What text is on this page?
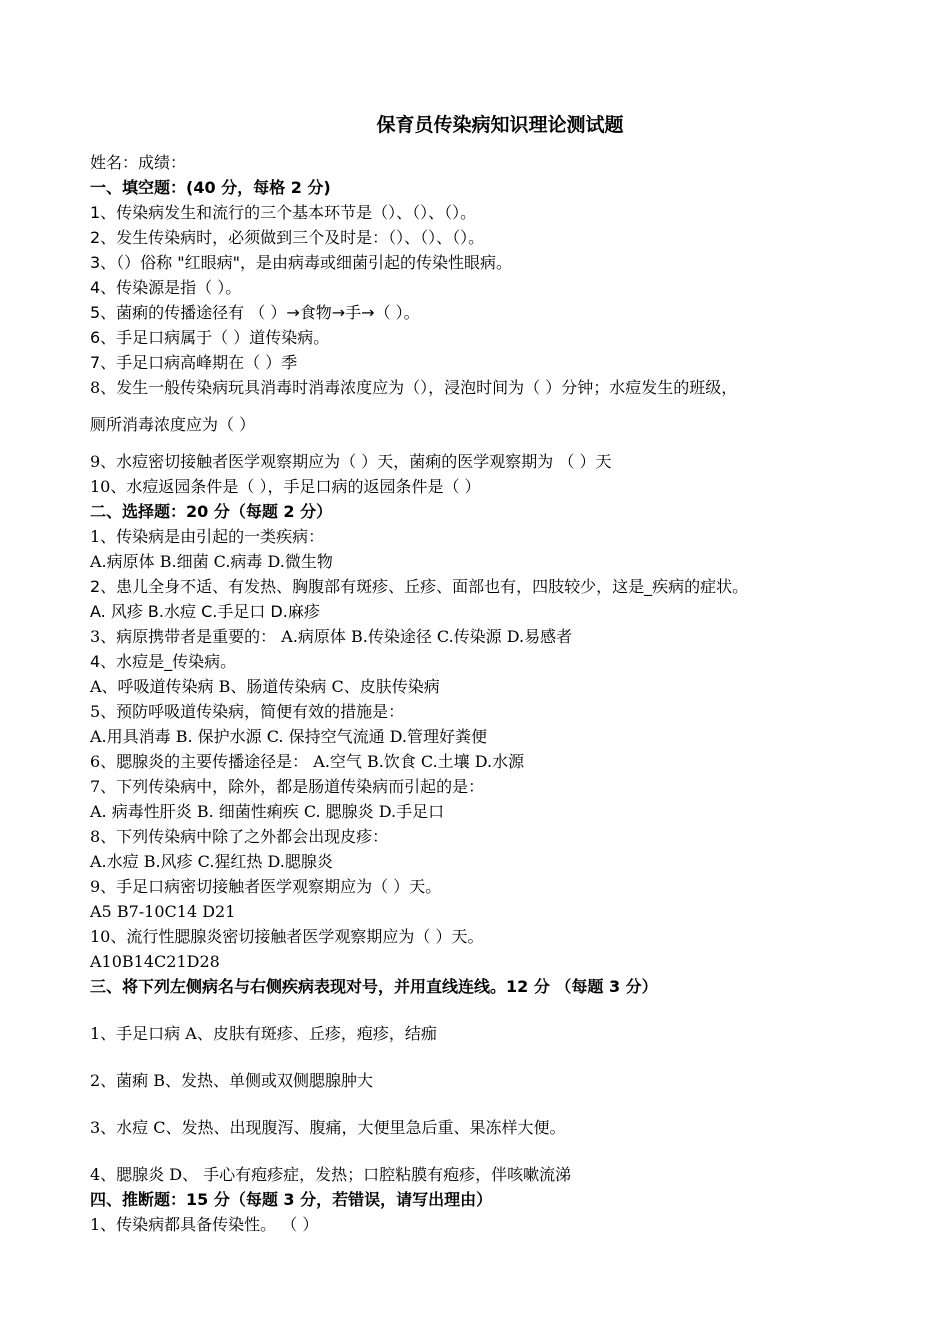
保育员传染病知识理论测试题
姓名：成绩：
一、填空题：(40 分，每格 2 分)
1、传染病发生和流行的三个基本环节是（）、（）、（）。
2、发生传染病时，必须做到三个及时是：（）、（）、（）。
3、（）俗称 "红眼病"，是由病毒或细菌引起的传染性眼病。
4、传染源是指（ ）。
5、菌痢的传播途径有 （ ）→食物→手→（ ）。
6、手足口病属于（ ）道传染病。
7、手足口病高峰期在（ ）季
8、发生一般传染病玩具消毒时消毒浓度应为（），浸泡时间为（ ）分钟；水痘发生的班级，
厕所消毒浓度应为（ ）
9、水痘密切接触者医学观察期应为（ ）天，菌痢的医学观察期为 （ ）天
10、水痘返园条件是（ ），手足口病的返园条件是（ ）
二、选择题：20 分（每题 2 分）
1、传染病是由引起的一类疾病：
A.病原体 B.细菌 C.病毒 D.微生物
2、患儿全身不适、有发热、胸腹部有斑疹、丘疹、面部也有，四肢较少，这是_疾病的症状。
A. 风疹 B.水痘 C.手足口 D.麻疹
3、病原携带者是重要的： A.病原体 B.传染途径 C.传染源 D.易感者
4、水痘是_传染病。
A、呼吸道传染病 B、肠道传染病 C、皮肤传染病
5、预防呼吸道传染病，简便有效的措施是：
A.用具消毒 B. 保护水源 C. 保持空气流通 D.管理好粪便
6、腮腺炎的主要传播途径是： A.空气 B.饮食 C.土壤 D.水源
7、下列传染病中，除外，都是肠道传染病而引起的是：
A. 病毒性肝炎 B. 细菌性痢疾 C. 腮腺炎 D.手足口
8、下列传染病中除了之外都会出现皮疹：
A.水痘 B.风疹 C.猩红热 D.腮腺炎
9、手足口病密切接触者医学观察期应为（ ）天。
A5 B7-10C14 D21
10、流行性腮腺炎密切接触者医学观察期应为（ ）天。
A10B14C21D28
三、将下列左侧病名与右侧疾病表现对号，并用直线连线。12 分 （每题 3 分）
1、手足口病 A、皮肤有斑疹、丘疹，疱疹，结痂
2、菌痢 B、发热、单侧或双侧腮腺肿大
3、水痘 C、发热、出现腹泻、腹痛，大便里急后重、果冻样大便。
4、腮腺炎 D、 手心有疱疹症，发热；口腔粘膜有疱疹，伴咳嗽流涕
四、推断题：15 分（每题 3 分，若错误，请写出理由）
1、传染病都具备传染性。 （ ）
